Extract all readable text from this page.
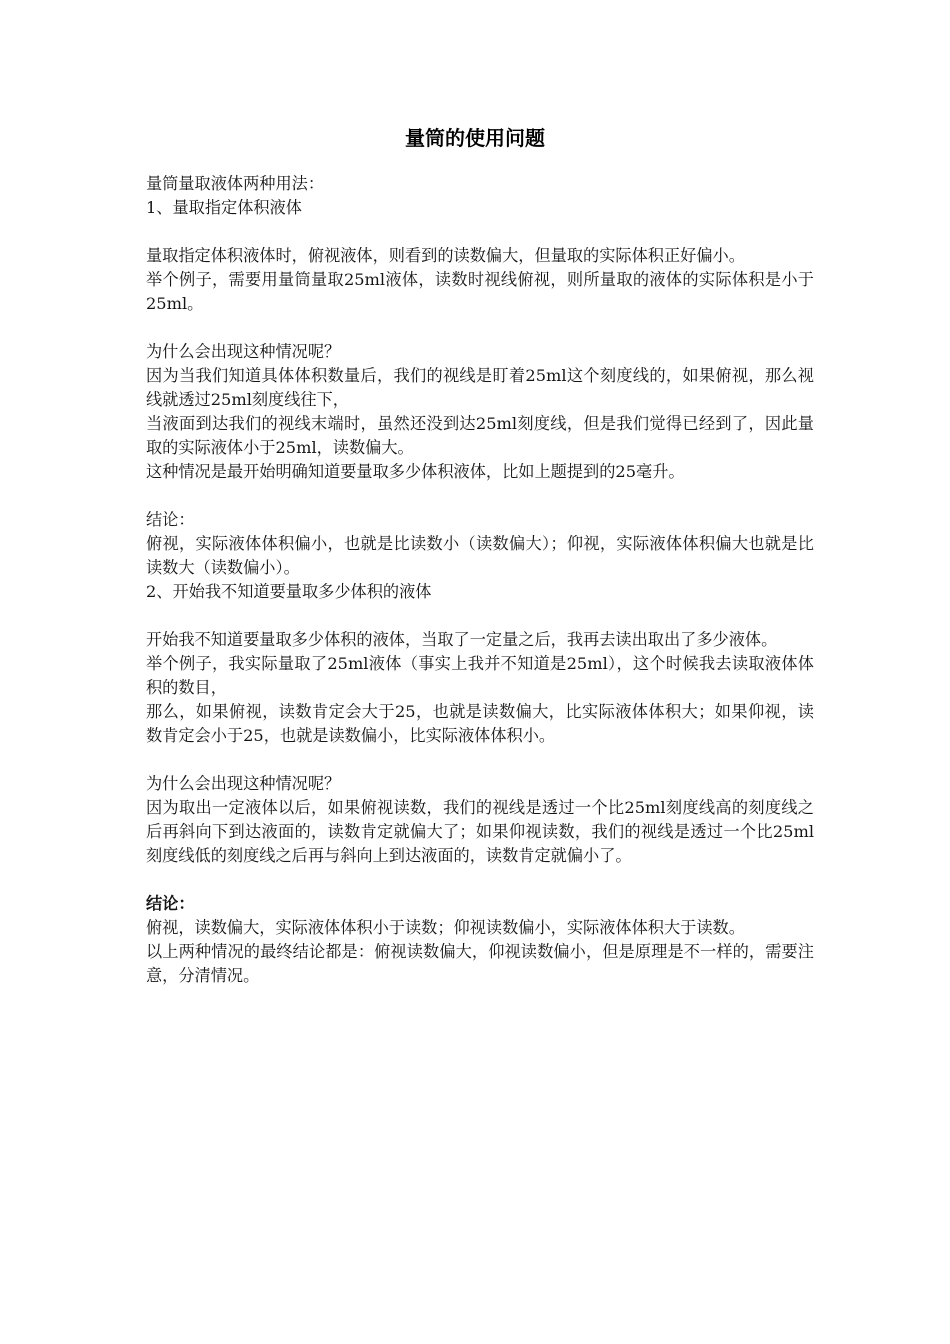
量筒的使用问题

量筒量取液体两种用法：

1、量取指定体积液体

量取指定体积液体时，俯视液体，则看到的读数偏大，但量取的实际体积正好偏小。

举个例子，需要用量筒量取25ml液体，读数时视线俯视，则所量取的液体的实际体积是小于25ml。

为什么会出现这种情况呢？

因为当我们知道具体体积数量后，我们的视线是盯着25ml这个刻度线的，如果俯视，那么视线就透过25ml刻度线往下，

当液面到达我们的视线末端时，虽然还没到达25ml刻度线，但是我们觉得已经到了，因此量取的实际液体小于25ml，读数偏大。

这种情况是最开始明确知道要量取多少体积液体，比如上题提到的25毫升。

结论：

俯视，实际液体体积偏小，也就是比读数小（读数偏大）；仰视，实际液体体积偏大也就是比读数大（读数偏小）。

2、开始我不知道要量取多少体积的液体

开始我不知道要量取多少体积的液体，当取了一定量之后，我再去读出取出了多少液体。

举个例子，我实际量取了25ml液体（事实上我并不知道是25ml），这个时候我去读取液体体积的数目，

那么，如果俯视，读数肯定会大于25，也就是读数偏大，比实际液体体积大；如果仰视，读数肯定会小于25，也就是读数偏小，比实际液体体积小。

为什么会出现这种情况呢？

因为取出一定液体以后，如果俯视读数，我们的视线是透过一个比25ml刻度线高的刻度线之后再斜向下到达液面的，读数肯定就偏大了；如果仰视读数，我们的视线是透过一个比25ml刻度线低的刻度线之后再与斜向上到达液面的，读数肯定就偏小了。

结论：

俯视，读数偏大，实际液体体积小于读数；仰视读数偏小，实际液体体积大于读数。

以上两种情况的最终结论都是：俯视读数偏大，仰视读数偏小，但是原理是不一样的，需要注意，分清情况。
